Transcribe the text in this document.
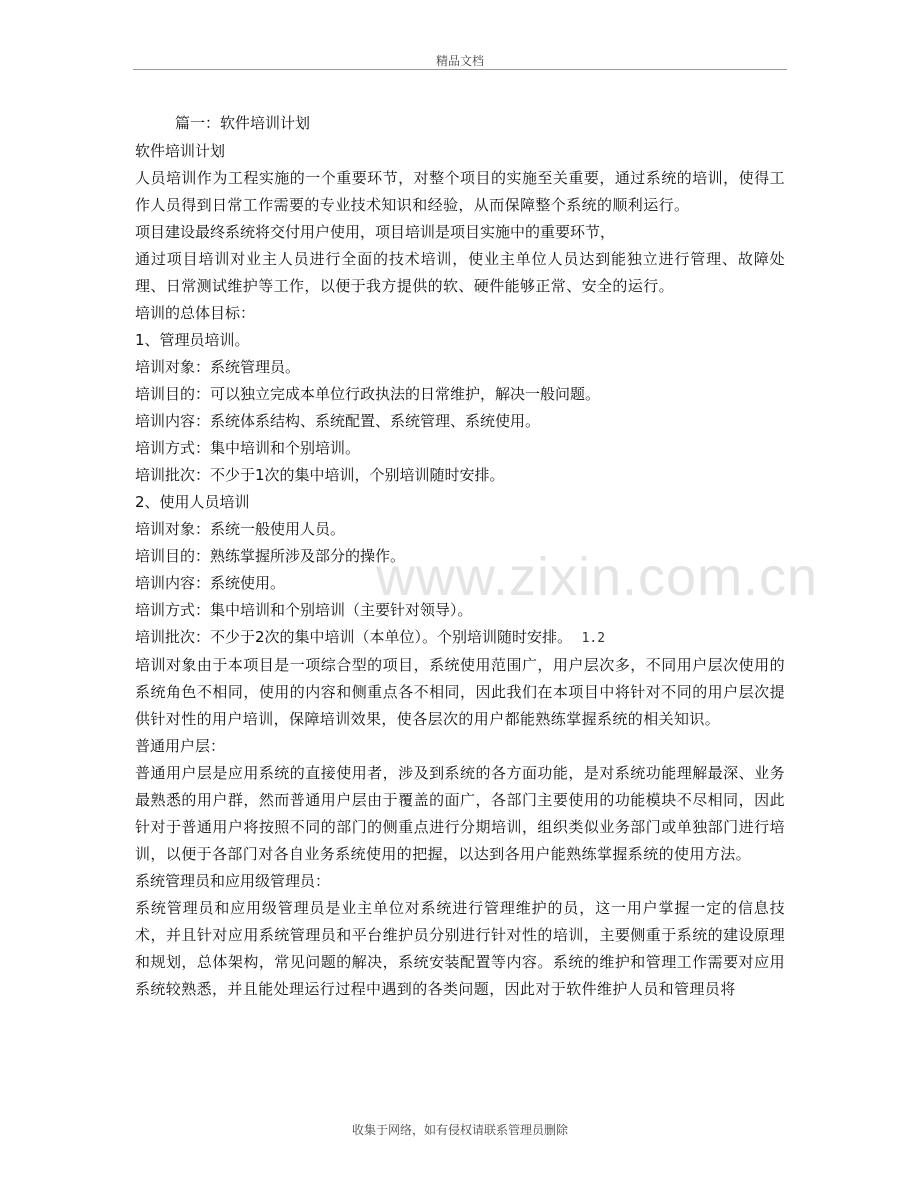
精品文档
www.zixin.com.cn

篇一：软件培训计划

软件培训计划

人员培训作为工程实施的一个重要环节，对整个项目的实施至关重要，通过系统的培训，使得工作人员得到日常工作需要的专业技术知识和经验，从而保障整个系统的顺利运行。

项目建设最终系统将交付用户使用，项目培训是项目实施中的重要环节，

通过项目培训对业主人员进行全面的技术培训，使业主单位人员达到能独立进行管理、故障处理、日常测试维护等工作，以便于我方提供的软、硬件能够正常、安全的运行。

培训的总体目标：

1、管理员培训。

培训对象：系统管理员。

培训目的：可以独立完成本单位行政执法的日常维护，解决一般问题。

培训内容：系统体系结构、系统配置、系统管理、系统使用。

培训方式：集中培训和个别培训。

培训批次：不少于1次的集中培训，个别培训随时安排。

2、使用人员培训

培训对象：系统一般使用人员。

培训目的：熟练掌握所涉及部分的操作。

培训内容：系统使用。

培训方式：集中培训和个别培训（主要针对领导）。

培训批次：不少于2次的集中培训（本单位）。个别培训随时安排。 1.2

培训对象由于本项目是一项综合型的项目，系统使用范围广，用户层次多，不同用户层次使用的系统角色不相同，使用的内容和侧重点各不相同，因此我们在本项目中将针对不同的用户层次提供针对性的用户培训，保障培训效果，使各层次的用户都能熟练掌握系统的相关知识。

普通用户层：

普通用户层是应用系统的直接使用者，涉及到系统的各方面功能，是对系统功能理解最深、业务最熟悉的用户群，然而普通用户层由于覆盖的面广，各部门主要使用的功能模块不尽相同，因此针对于普通用户将按照不同的部门的侧重点进行分期培训，组织类似业务部门或单独部门进行培训，以便于各部门对各自业务系统使用的把握，以达到各用户能熟练掌握系统的使用方法。

系统管理员和应用级管理员：

系统管理员和应用级管理员是业主单位对系统进行管理维护的员，这一用户掌握一定的信息技术，并且针对应用系统管理员和平台维护员分别进行针对性的培训，主要侧重于系统的建设原理和规划，总体架构，常见问题的解决，系统安装配置等内容。系统的维护和管理工作需要对应用系统较熟悉，并且能处理运行过程中遇到的各类问题，因此对于软件维护人员和管理员将

收集于网络，如有侵权请联系管理员删除
